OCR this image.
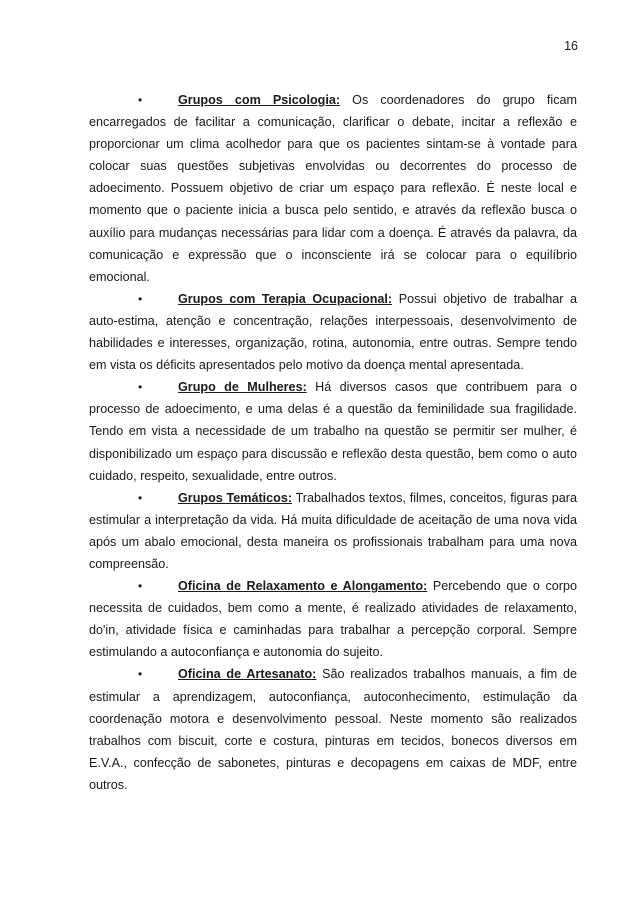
16

•	Grupos com Psicologia: Os coordenadores do grupo ficam encarregados de facilitar a comunicação, clarificar o debate, incitar a reflexão e proporcionar um clima acolhedor para que os pacientes sintam-se à vontade para colocar suas questões subjetivas envolvidas ou decorrentes do processo de adoecimento. Possuem objetivo de criar um espaço para reflexão. É neste local e momento que o paciente inicia a busca pelo sentido, e através da reflexão busca o auxílio para mudanças necessárias para lidar com a doença. É através da palavra, da comunicação e expressão que o inconsciente irá se colocar para o equilíbrio emocional.

•	Grupos com Terapia Ocupacional: Possui objetivo de trabalhar a auto-estima, atenção e concentração, relações interpessoais, desenvolvimento de habilidades e interesses, organização, rotina, autonomia, entre outras. Sempre tendo em vista os déficits apresentados pelo motivo da doença mental apresentada.

•	Grupo de Mulheres: Há diversos casos que contribuem para o processo de adoecimento, e uma delas é a questão da feminilidade sua fragilidade. Tendo em vista a necessidade de um trabalho na questão se permitir ser mulher, é disponibilizado um espaço para discussão e reflexão desta questão, bem como o auto cuidado, respeito, sexualidade, entre outros.

•	Grupos Temáticos: Trabalhados textos, filmes, conceitos, figuras para estimular a interpretação da vida. Há muita dificuldade de aceitação de uma nova vida após um abalo emocional, desta maneira os profissionais trabalham para uma nova compreensão.

•	Oficina de Relaxamento e Alongamento: Percebendo que o corpo necessita de cuidados, bem como a mente, é realizado atividades de relaxamento, do'in, atividade física e caminhadas para trabalhar a percepção corporal. Sempre estimulando a autoconfiança e autonomia do sujeito.

•	Oficina de Artesanato: São realizados trabalhos manuais, a fim de estimular a aprendizagem, autoconfiança, autoconhecimento, estimulação da coordenação motora e desenvolvimento pessoal. Neste momento são realizados trabalhos com biscuit, corte e costura, pinturas em tecidos, bonecos diversos em E.V.A., confecção de sabonetes, pinturas e decopagens em caixas de MDF, entre outros.
